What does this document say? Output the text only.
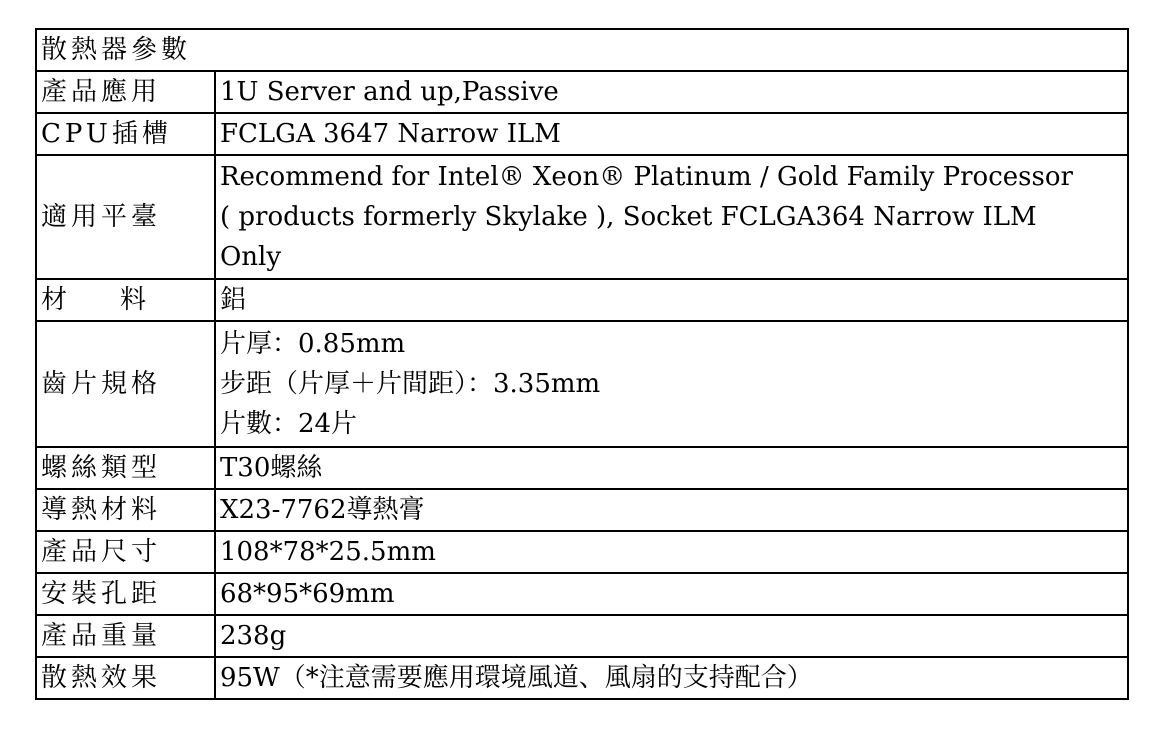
散熱器參數	
產品應用	1U Server and up,Passive
CPU插槽	FCLGA 3647 Narrow ILM
適用平臺	Recommend for Intel® Xeon® Platinum / Gold Family Processor
( products formerly Skylake ), Socket FCLGA364 Narrow ILM
Only

材 料	鋁
齒片規格	片厚：0.85mm
步距（片厚＋片間距）：3.35mm
片數：24片

螺絲類型	T30螺絲
導熱材料	X23-7762導熱膏
產品尺寸	108*78*25.5mm
安裝孔距	68*95*69mm
產品重量	238g
散熱效果	95W（*注意需要應用環境風道、風扇的支持配合）
